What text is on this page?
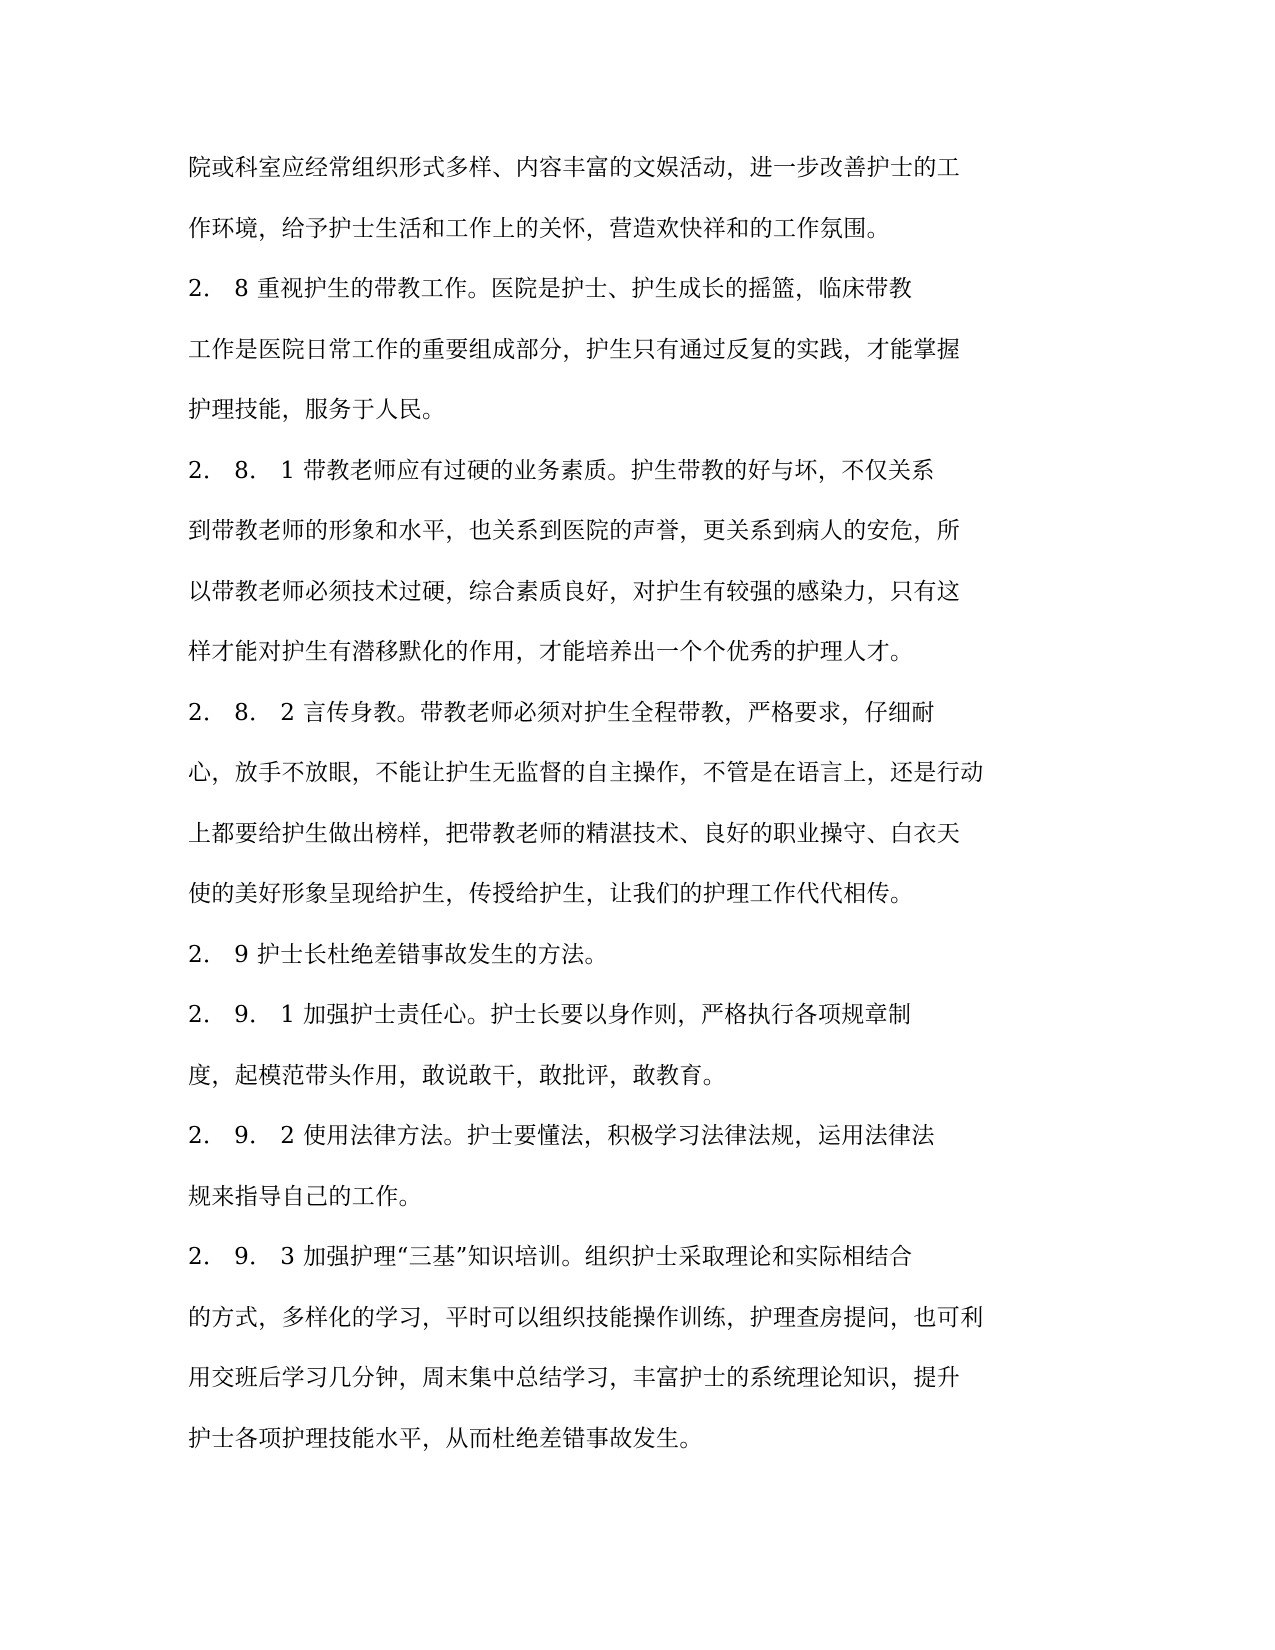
院或科室应经常组织形式多样、内容丰富的文娱活动，进一步改善护士的工
作环境，给予护士生活和工作上的关怀，营造欢快祥和的工作氛围。
2． 8 重视护生的带教工作。医院是护士、护生成长的摇篮，临床带教
工作是医院日常工作的重要组成部分，护生只有通过反复的实践，才能掌握
护理技能，服务于人民。
2． 8． 1 带教老师应有过硬的业务素质。护生带教的好与坏，不仅关系
到带教老师的形象和水平，也关系到医院的声誉，更关系到病人的安危，所
以带教老师必须技术过硬，综合素质良好，对护生有较强的感染力，只有这
样才能对护生有潜移默化的作用，才能培养出一个个优秀的护理人才。
2． 8． 2 言传身教。带教老师必须对护生全程带教，严格要求，仔细耐
心，放手不放眼，不能让护生无监督的自主操作，不管是在语言上，还是行动
上都要给护生做出榜样，把带教老师的精湛技术、良好的职业操守、白衣天
使的美好形象呈现给护生，传授给护生，让我们的护理工作代代相传。
2． 9 护士长杜绝差错事故发生的方法。
2． 9． 1 加强护士责任心。护士长要以身作则，严格执行各项规章制
度，起模范带头作用，敢说敢干，敢批评，敢教育。
2． 9． 2 使用法律方法。护士要懂法，积极学习法律法规，运用法律法
规来指导自己的工作。
2． 9． 3 加强护理“三基”知识培训。组织护士采取理论和实际相结合
的方式，多样化的学习，平时可以组织技能操作训练，护理查房提问，也可利
用交班后学习几分钟，周末集中总结学习，丰富护士的系统理论知识，提升
护士各项护理技能水平，从而杜绝差错事故发生。
